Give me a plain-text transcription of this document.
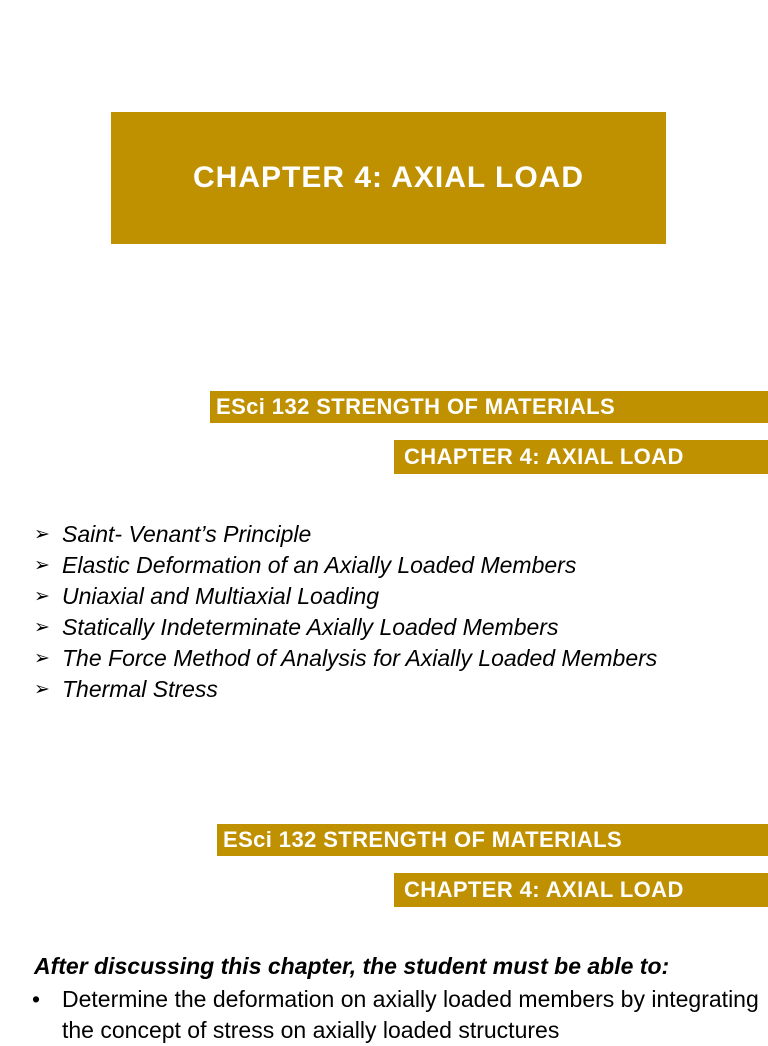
CHAPTER 4: AXIAL LOAD
ESci 132 STRENGTH OF MATERIALS
CHAPTER 4: AXIAL LOAD
➢ Saint- Venant’s Principle
➢ Elastic Deformation of an Axially Loaded Members
➢ Uniaxial and Multiaxial Loading
➢ Statically Indeterminate Axially Loaded Members
➢ The Force Method of Analysis for Axially Loaded Members
➢ Thermal Stress
ESci 132 STRENGTH OF MATERIALS
CHAPTER 4: AXIAL LOAD
After discussing this chapter, the student must be able to:
• Determine the deformation on axially loaded members by integrating the concept of stress on axially loaded structures
